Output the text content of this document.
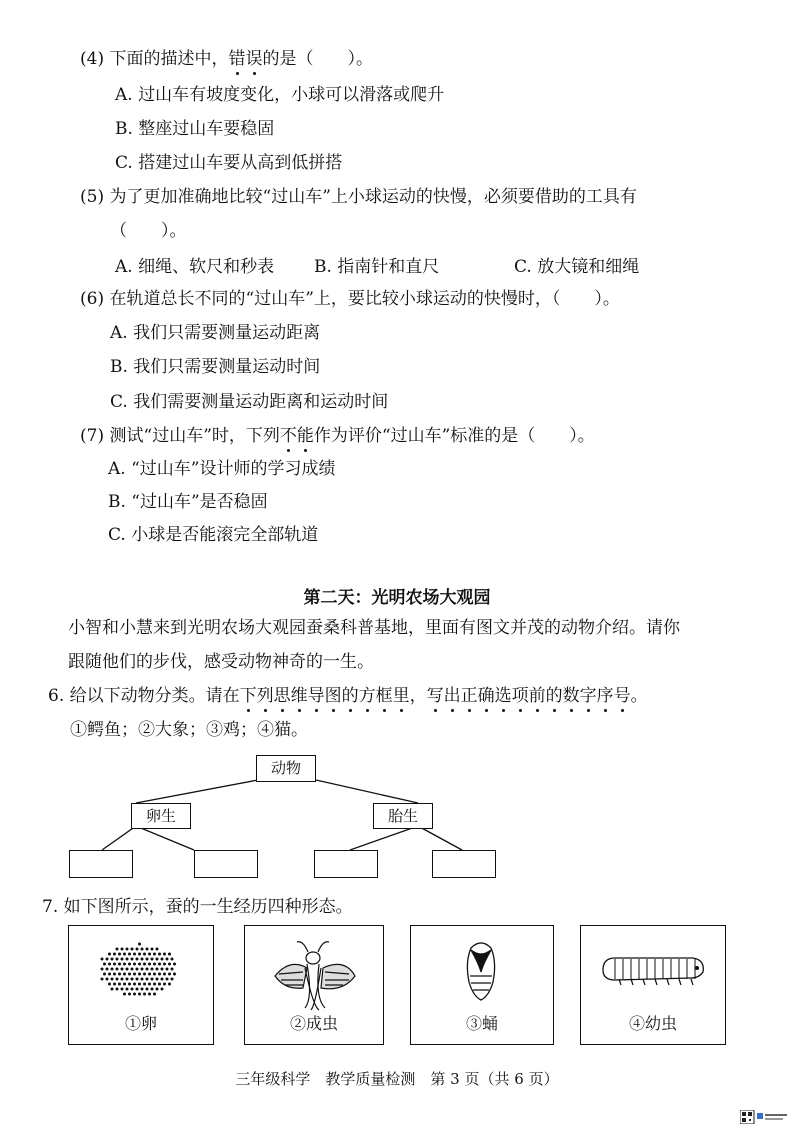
(4) 下面的描述中，错误的是（　　）。
A. 过山车有坡度变化，小球可以滑落或爬升
B. 整座过山车要稳固
C. 搭建过山车要从高到低拼搭
(5) 为了更加准确地比较“过山车”上小球运动的快慢，必须要借助的工具有
（　　）。
A. 细绳、软尺和秒表 B. 指南针和直尺	C. 放大镜和细绳
(6) 在轨道总长不同的“过山车”上，要比较小球运动的快慢时，（　　）。
A. 我们只需要测量运动距离
B. 我们只需要测量运动时间
C. 我们需要测量运动距离和运动时间
(7) 测试“过山车”时，下列不能作为评价“过山车”标准的是（　　）。
A. “过山车”设计师的学习成绩
B. “过山车”是否稳固
C. 小球是否能滚完全部轨道
第二天：光明农场大观园
小智和小慧来到光明农场大观园蚕桑科普基地，里面有图文并茂的动物介绍。请你
跟随他们的步伐，感受动物神奇的一生。
6. 给以下动物分类。请在下列思维导图的方框里，写出正确选项前的数字序号。
①鳄鱼；②大象；③鸡；④猫。
动物
卵生	胎生
7. 如下图所示，蚕的一生经历四种形态。
①卵	②成虫	③蛹	④幼虫
三年级科学　教学质量检测　第 3 页（共 6 页）
